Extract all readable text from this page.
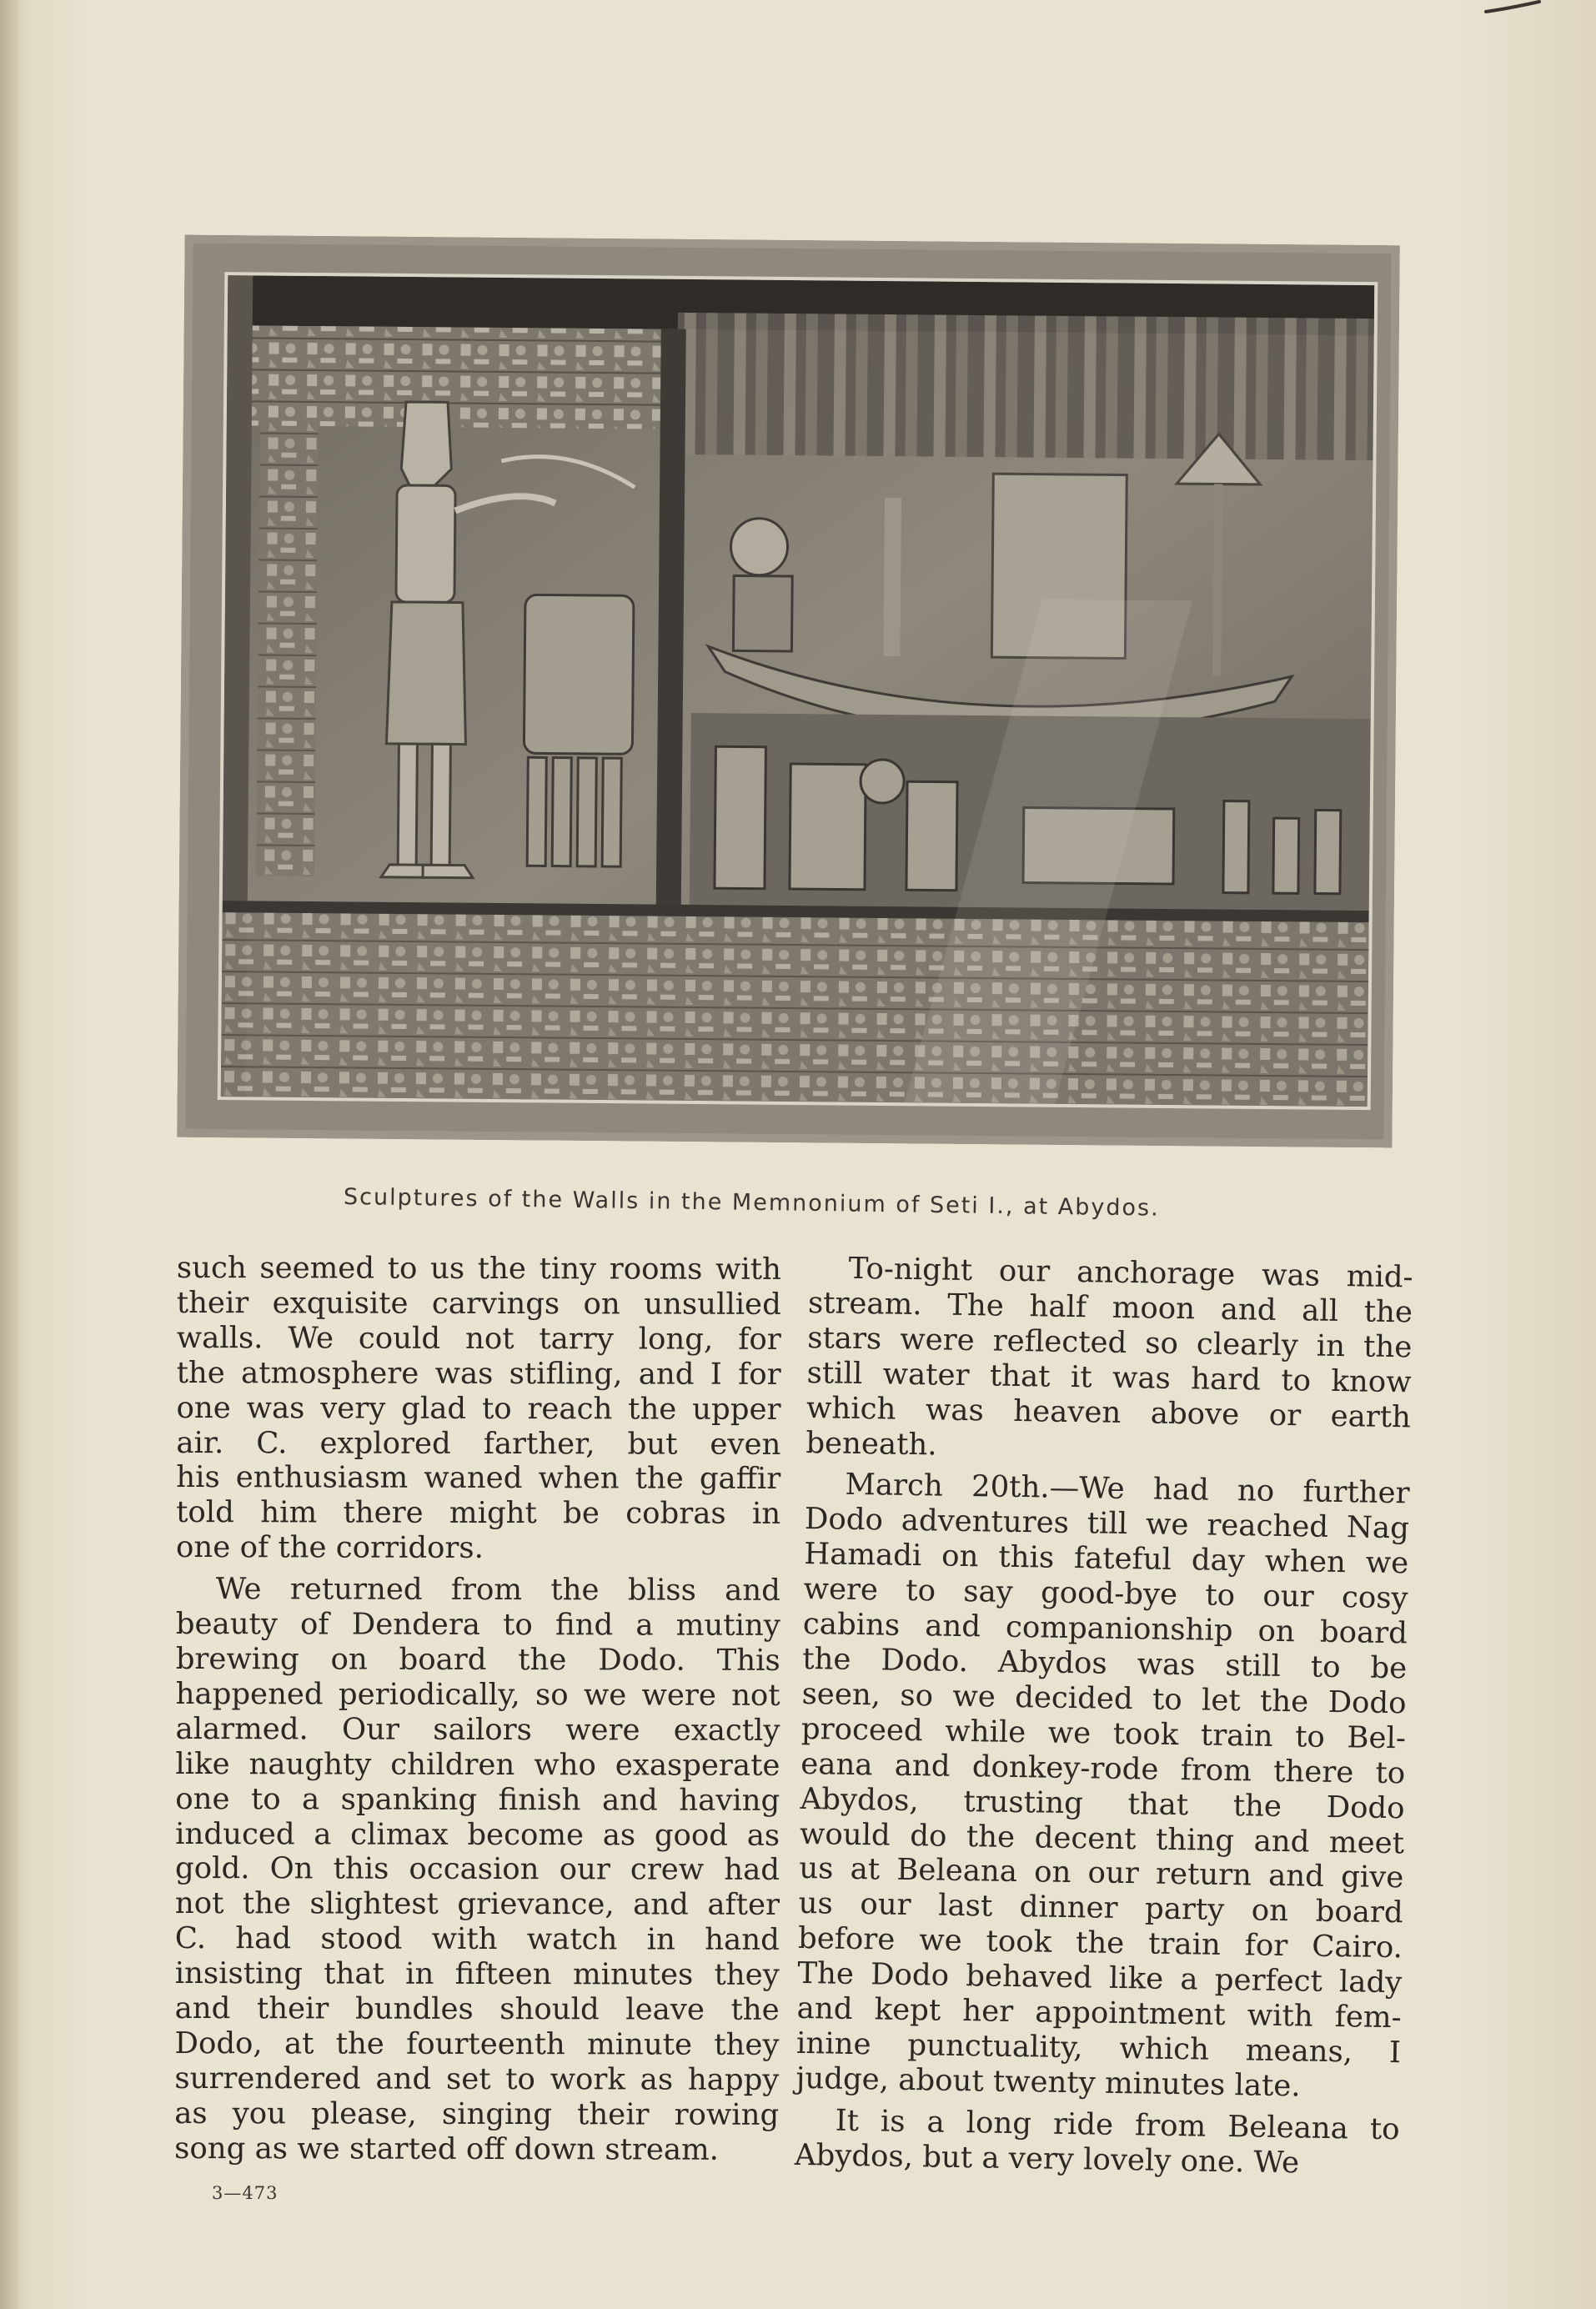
Sculptures of the Walls in the Memnonium of Seti I., at Abydos.
such seemed to us the tiny rooms with
their exquisite carvings on unsullied
walls. We could not tarry long, for
the atmosphere was stifling, and I for
one was very glad to reach the upper
air. C. explored farther, but even
his enthusiasm waned when the gaffir
told him there might be cobras in
one of the corridors.
We returned from the bliss and
beauty of Dendera to find a mutiny
brewing on board the Dodo. This
happened periodically, so we were not
alarmed. Our sailors were exactly
like naughty children who exasperate
one to a spanking finish and having
induced a climax become as good as
gold. On this occasion our crew had
not the slightest grievance, and after
C. had stood with watch in hand
insisting that in fifteen minutes they
and their bundles should leave the
Dodo, at the fourteenth minute they
surrendered and set to work as happy
as you please, singing their rowing
song as we started off down stream.
To-night our anchorage was mid-
stream. The half moon and all the
stars were reflected so clearly in the
still water that it was hard to know
which was heaven above or earth
beneath.
March 20th.—We had no further
Dodo adventures till we reached Nag
Hamadi on this fateful day when we
were to say good-bye to our cosy
cabins and companionship on board
the Dodo. Abydos was still to be
seen, so we decided to let the Dodo
proceed while we took train to Bel-
eana and donkey-rode from there to
Abydos, trusting that the Dodo
would do the decent thing and meet
us at Beleana on our return and give
us our last dinner party on board
before we took the train for Cairo.
The Dodo behaved like a perfect lady
and kept her appointment with fem-
inine punctuality, which means, I
judge, about twenty minutes late.
It is a long ride from Beleana to
Abydos, but a very lovely one. We
3—473
